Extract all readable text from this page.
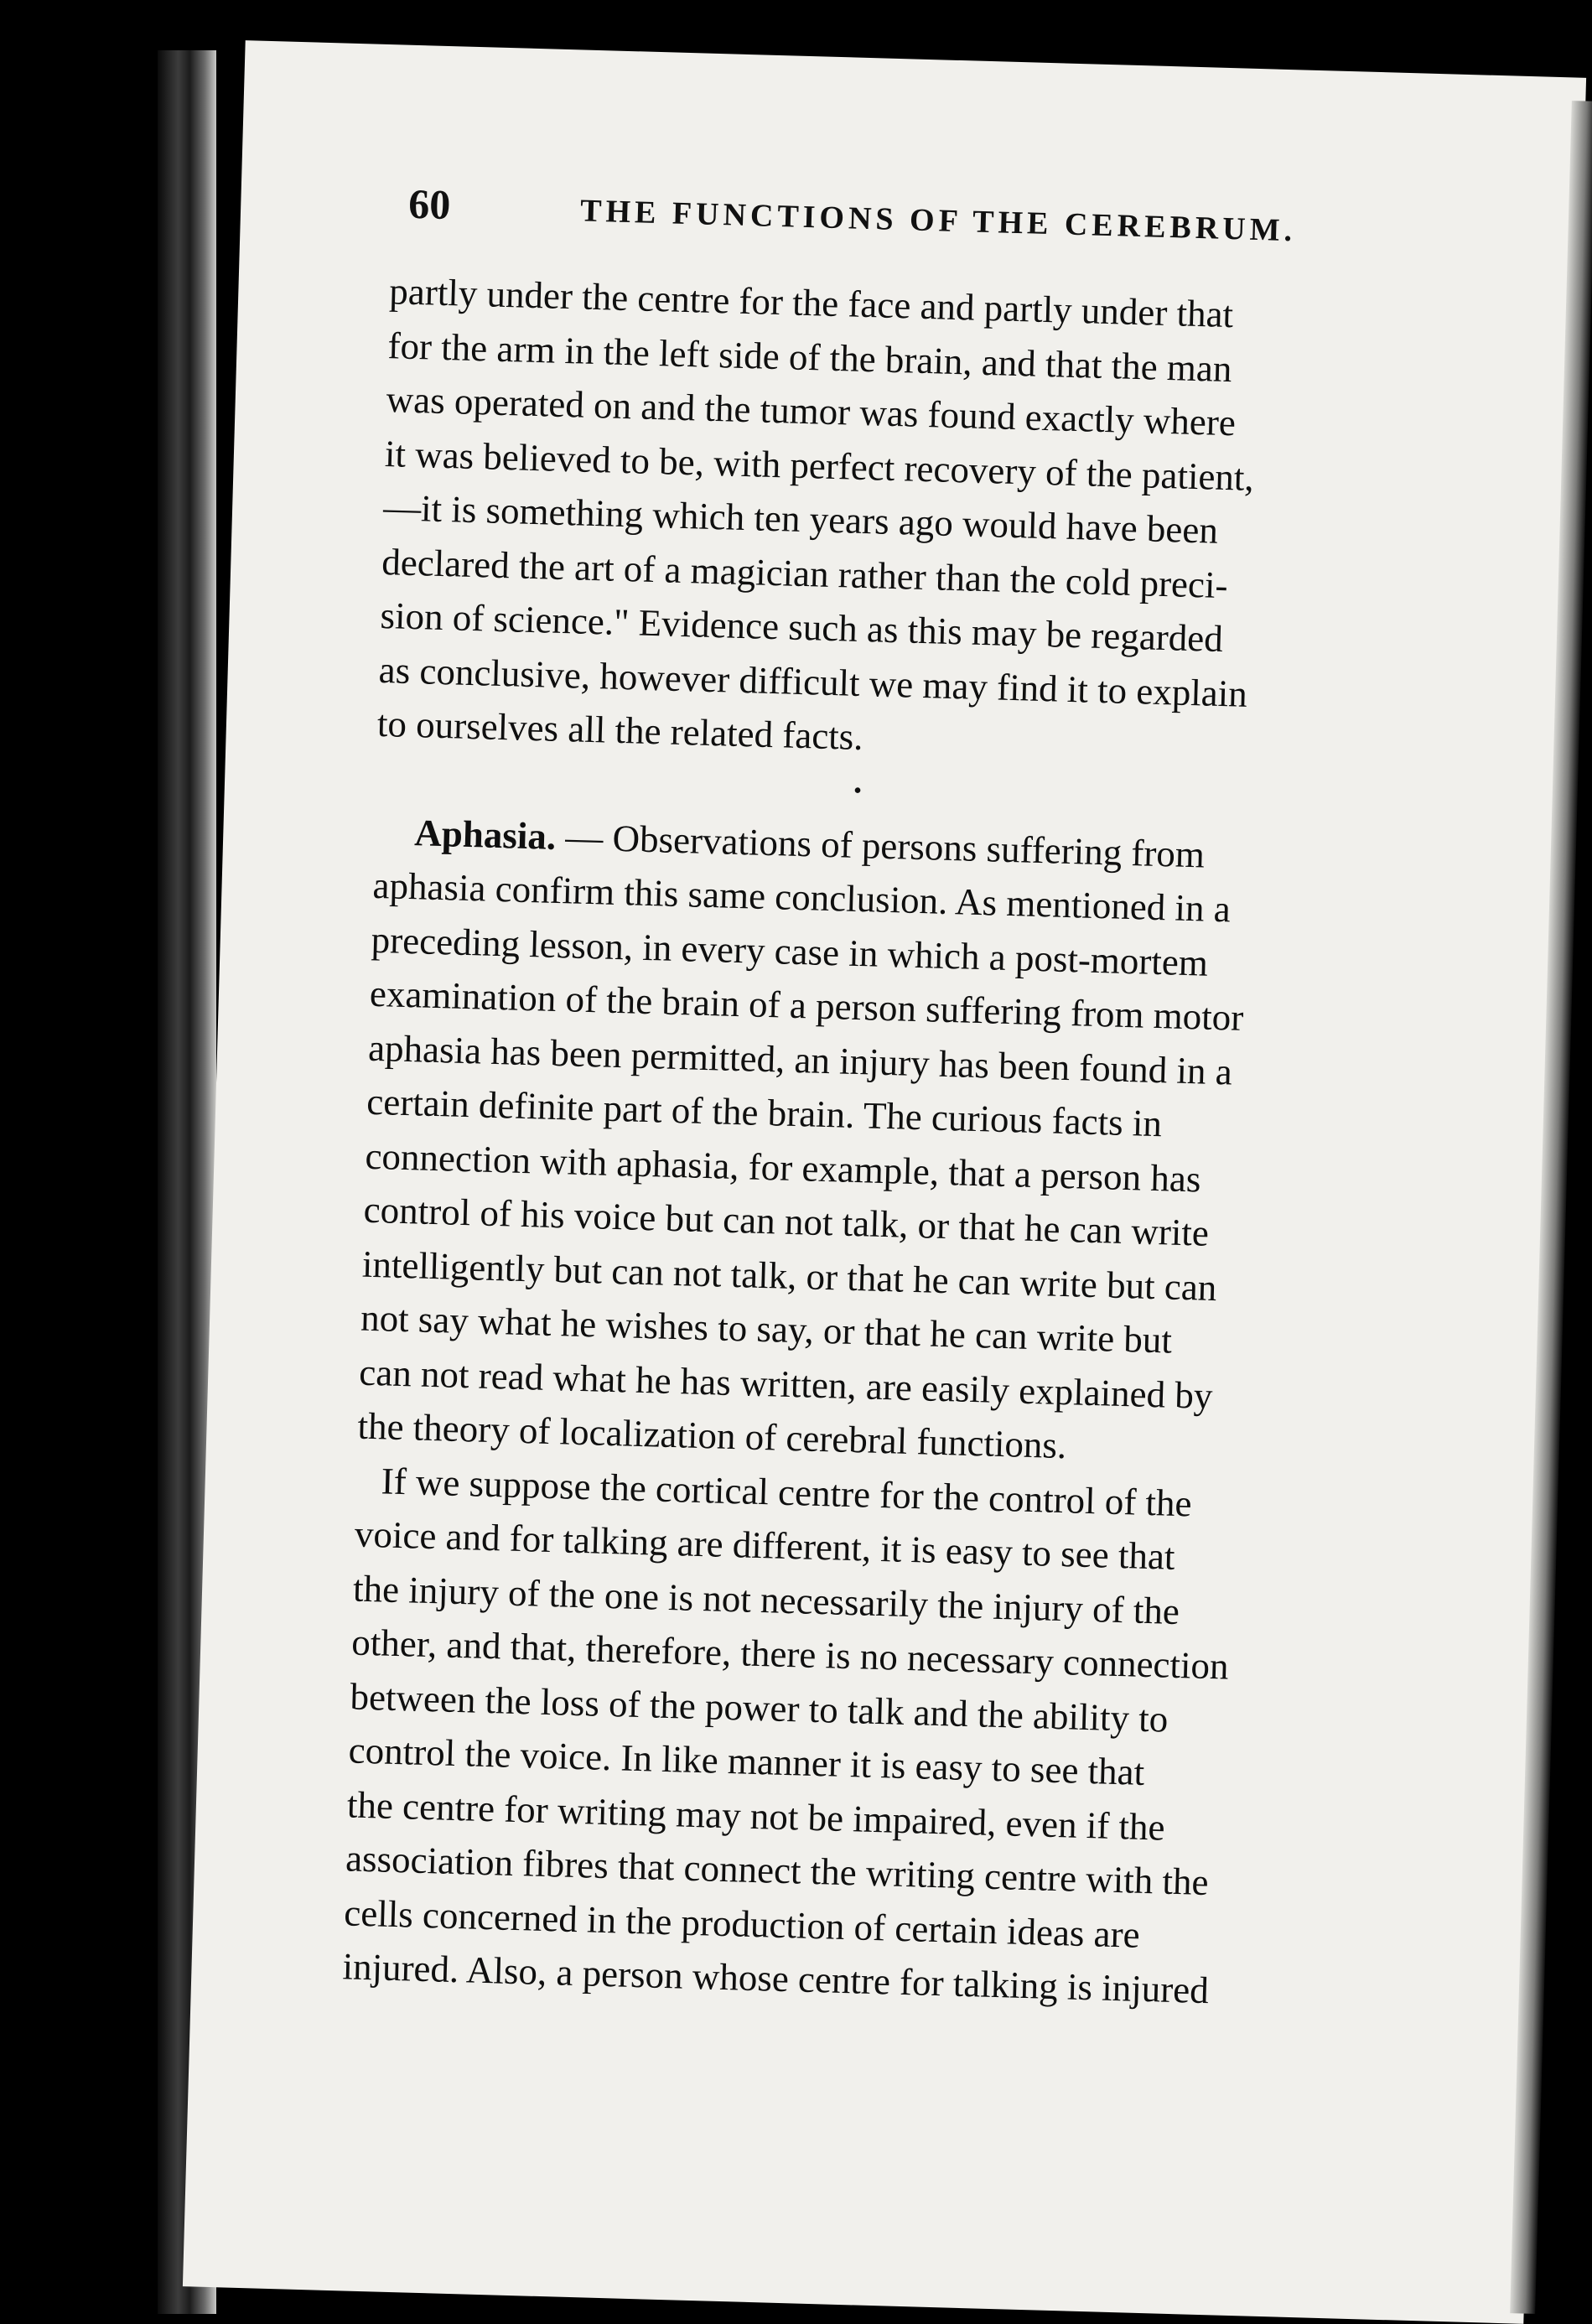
60	THE FUNCTIONS OF THE CEREBRUM.

partly under the centre for the face and partly under that
for the arm in the left side of the brain, and that the man
was operated on and the tumor was found exactly where
it was believed to be, with perfect recovery of the patient,
—it is something which ten years ago would have been
declared the art of a magician rather than the cold preci-
sion of science." Evidence such as this may be regarded
as conclusive, however difficult we may find it to explain
to ourselves all the related facts.

•

Aphasia. — Observations of persons suffering from
aphasia confirm this same conclusion. As mentioned in a
preceding lesson, in every case in which a post-mortem
examination of the brain of a person suffering from motor
aphasia has been permitted, an injury has been found in a
certain definite part of the brain. The curious facts in
connection with aphasia, for example, that a person has
control of his voice but can not talk, or that he can write
intelligently but can not talk, or that he can write but can
not say what he wishes to say, or that he can write but
can not read what he has written, are easily explained by
the theory of localization of cerebral functions.

If we suppose the cortical centre for the control of the
voice and for talking are different, it is easy to see that
the injury of the one is not necessarily the injury of the
other, and that, therefore, there is no necessary connection
between the loss of the power to talk and the ability to
control the voice. In like manner it is easy to see that
the centre for writing may not be impaired, even if the
association fibres that connect the writing centre with the
cells concerned in the production of certain ideas are
injured. Also, a person whose centre for talking is injured
